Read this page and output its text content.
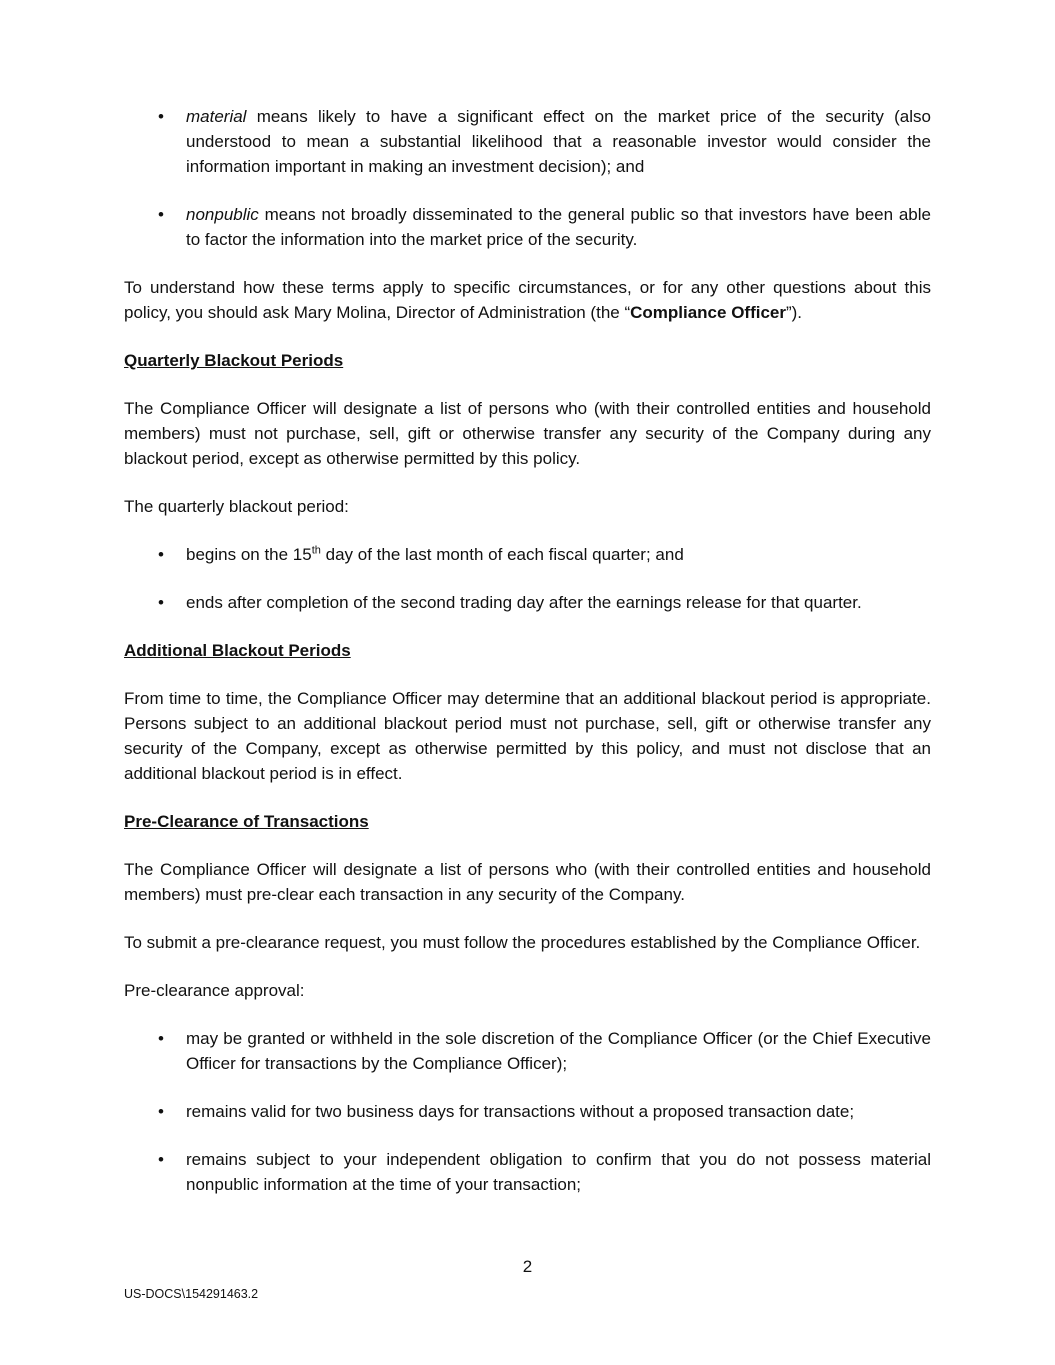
• material means likely to have a significant effect on the market price of the security (also understood to mean a substantial likelihood that a reasonable investor would consider the information important in making an investment decision); and
• nonpublic means not broadly disseminated to the general public so that investors have been able to factor the information into the market price of the security.

To understand how these terms apply to specific circumstances, or for any other questions about this policy, you should ask Mary Molina, Director of Administration (the “Compliance Officer”).

Quarterly Blackout Periods

The Compliance Officer will designate a list of persons who (with their controlled entities and household members) must not purchase, sell, gift or otherwise transfer any security of the Company during any blackout period, except as otherwise permitted by this policy.

The quarterly blackout period:

• begins on the 15th day of the last month of each fiscal quarter; and
• ends after completion of the second trading day after the earnings release for that quarter.
Additional Blackout Periods

From time to time, the Compliance Officer may determine that an additional blackout period is appropriate. Persons subject to an additional blackout period must not purchase, sell, gift or otherwise transfer any security of the Company, except as otherwise permitted by this policy, and must not disclose that an additional blackout period is in effect.

Pre-Clearance of Transactions

The Compliance Officer will designate a list of persons who (with their controlled entities and household members) must pre-clear each transaction in any security of the Company.

To submit a pre-clearance request, you must follow the procedures established by the Compliance Officer.

Pre-clearance approval:

• may be granted or withheld in the sole discretion of the Compliance Officer (or the Chief Executive Officer for transactions by the Compliance Officer);
• remains valid for two business days for transactions without a proposed transaction date;
• remains subject to your independent obligation to confirm that you do not possess material nonpublic information at the time of your transaction;
2
US-DOCS\154291463.2
